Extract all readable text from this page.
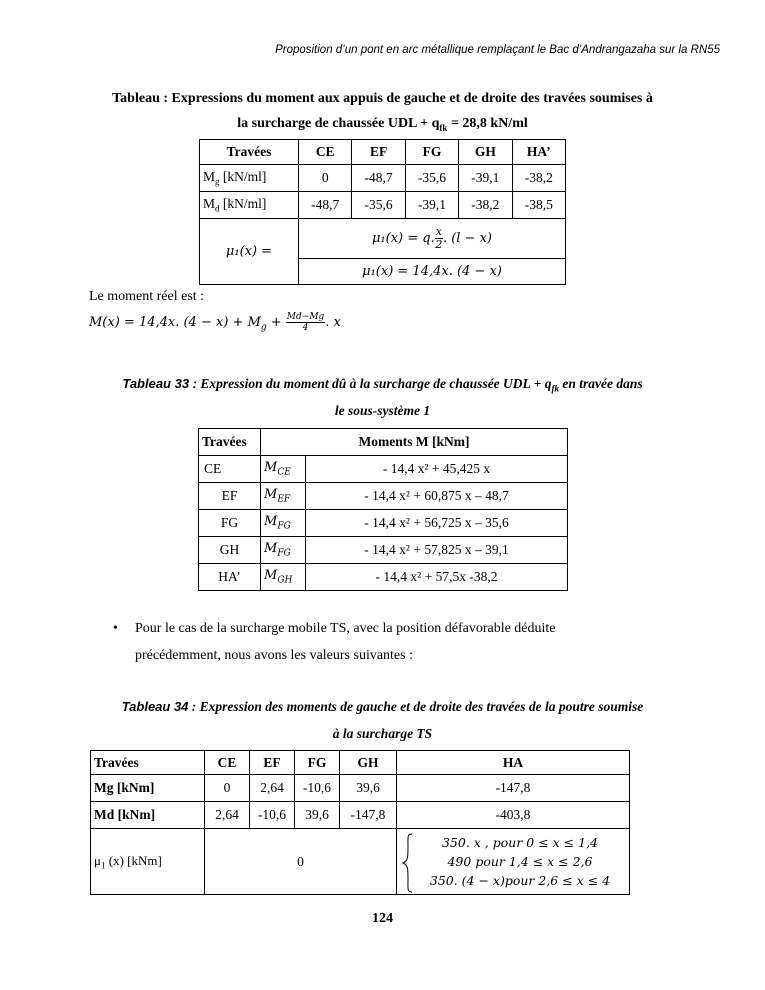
Proposition d’un pont en arc métallique remplaçant le Bac d’Andrangazaha sur la RN55
Tableau : Expressions du moment aux appuis de gauche et de droite des travées soumises à
la surcharge de chaussée UDL + $q_{fk} = 28,8$ kN/ml
Travées	CE	EF	FG	GH	HA’
$M_g$ [kN/ml]	0	-48,7	-35,6	-39,1	-38,2
$M_d$ [kN/ml]	-48,7	-35,6	-39,1	-38,2	-38,5
μ₁(x) =	μ₁(x) = q. $\frac{x}{2}$ . (l − x)				
	μ₁(x) = 14,4x. (4 − x)				
Le moment réel est :
M(x) = 14,4x. $(4 - x) + M_g + \frac{Md-Mg}{4}$ . x
Tableau 33 : Expression du moment dû à la surcharge de chaussée UDL + $q_{fk}$ en travée dans
le sous-système 1
Travées	Moments M [kNm]	
CE	$M_{CE}$	- 14,4 x² + 45,425 x
EF	$M_{EF}$	- 14,4 x² + 60,875 x – 48,7
FG	$M_{FG}$	- 14,4 x² + 56,725 x – 35,6
GH	$M_{FG}$	- 14,4 x² + 57,825 x – 39,1
HA’	$M_{GH}$	- 14,4 x² + 57,5x -38,2
• Pour le cas de la surcharge mobile TS, avec la position défavorable déduite
précédemment, nous avons les valeurs suivantes :
Tableau 34 : Expression des moments de gauche et de droite des travées de la poutre soumise
à la surcharge TS
Travées	CE	EF	FG	GH	HA
Mg [kNm]	0	2,64	-10,6	39,6	-147,8
Md [kNm]	2,64	-10,6	39,6	-147,8	-403,8
$\mu_1$ (x) [kNm]	0				350. x , pour 0 ≤ x ≤ 1,4
490 pour 1,4 ≤ x ≤ 2,6
350. (4 − x)pour 2,6 ≤ x ≤ 4
124
